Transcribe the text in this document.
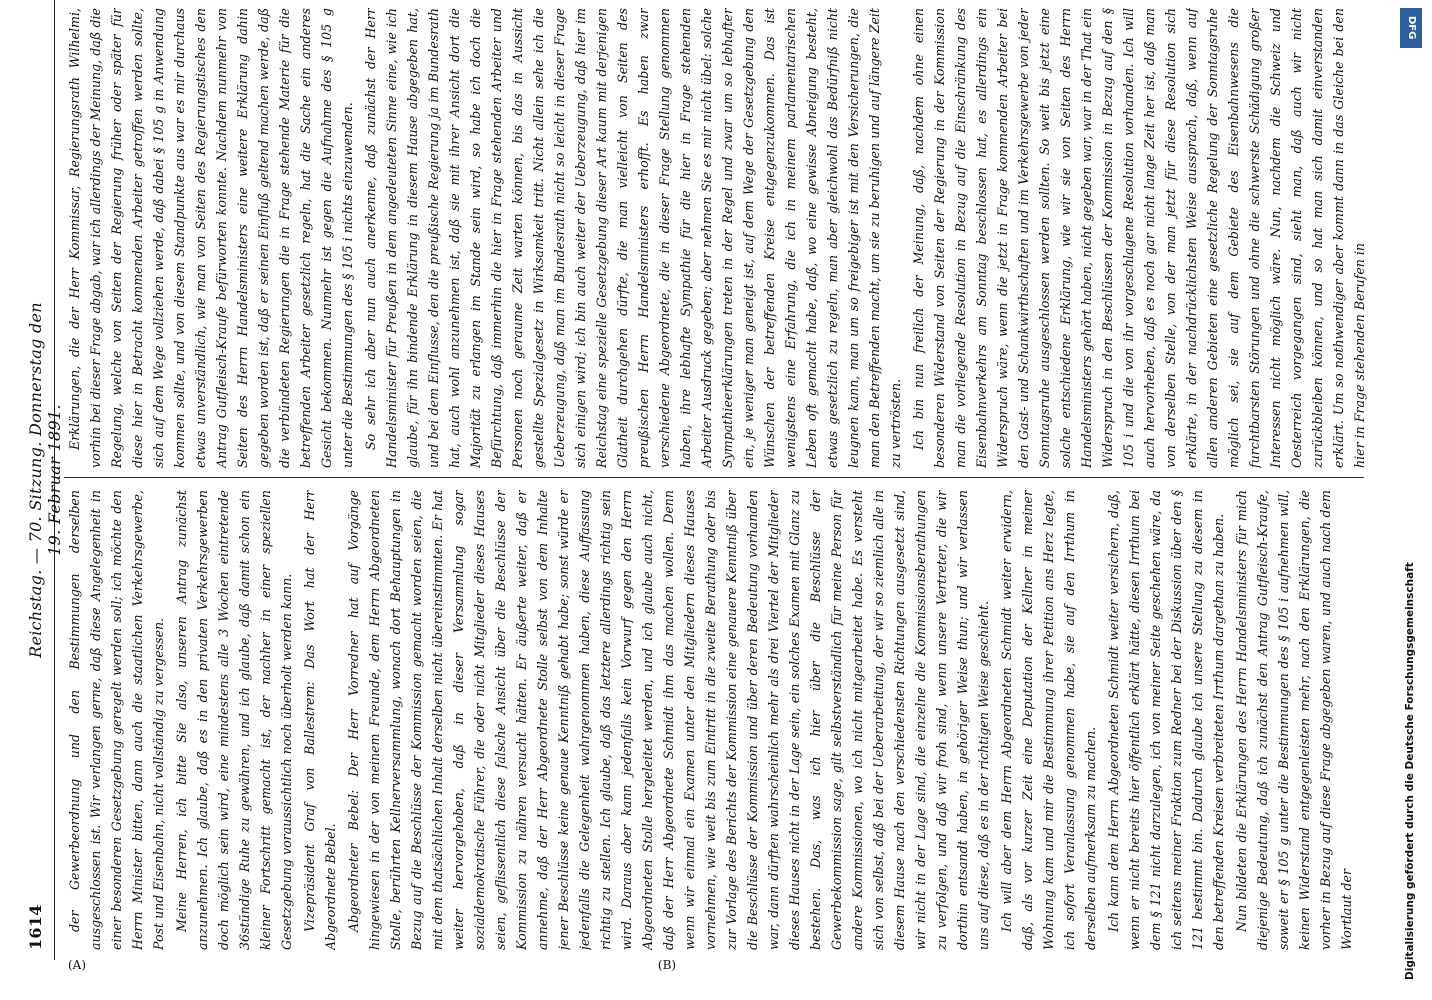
1614
Reichstag. — 70. Sitzung. Donnerstag den 19. Februar 1891.
(A)	(B)

der Gewerbeordnung und den Bestimmungen derselben ausgeschlossen ist. Wir verlangen gerne, daß diese Angelegenheit in einer besonderen Gesetzgebung geregelt werden soll; ich möchte den Herrn Minister bitten, dann auch die staatlichen Verkehrsgewerbe, Post und Eisenbahn, nicht vollständig zu vergessen. Meine Herren, ich bitte Sie also, unseren Antrag zunächst anzunehmen. Ich glaube, daß es in den privaten Verkehrsgewerben doch möglich sein wird, eine mindestens alle 3 Wochen eintretende 36stündige Ruhe zu gewähren, und ich glaube, daß damit schon ein kleiner Fortschritt gemacht ist, der nachher in einer speziellen Gesetzgebung voraussichtlich noch überholt werden kann. Vizepräsident Graf von Ballestrem: Das Wort hat der Herr Abgeordnete Bebel. Abgeordneter Bebel: Der Herr Vorredner hat auf Vorgänge hingewiesen in der von meinem Freunde, dem Herrn Abgeordneten Stolle, berührten Kellnerversammlung, wonach dort Behauptungen in Bezug auf die Beschlüsse der Kommission gemacht worden seien, die mit dem thatsächlichen Inhalt derselben nicht übereinstimmten. Er hat weiter hervorgehoben, daß in dieser Versammlung sogar sozialdemokratische Führer, die oder nicht Mitglieder dieses Hauses seien, geflissentlich diese falsche Ansicht über die Beschlüsse der Kommission zu nähren versucht hätten. Er äußerte weiter, daß er annehme, daß der Herr Abgeordnete Stolle selbst von dem Inhalte jener Beschlüsse keine genaue Kenntniß gehabt habe; sonst würde er jedenfalls die Gelegenheit wahrgenommen haben, diese Auffassung richtig zu stellen. Ich glaube, daß das letztere allerdings richtig sein wird. Daraus aber kann jedenfalls kein Vorwurf gegen den Herrn Abgeordneten Stolle hergeleitet werden, und ich glaube auch nicht, daß der Herr Abgeordnete Schmidt ihm das machen wollen. Denn wenn wir einmal ein Examen unter den Mitgliedern dieses Hauses vornehmen, wie weit bis zum Eintritt in die zweite Berathung oder bis zur Vorlage des Berichts der Kommission eine genauere Kenntniß über die Beschlüsse der Kommission und über deren Bedeutung vorhanden war, dann dürften wahrscheinlich mehr als drei Viertel der Mitglieder dieses Hauses nicht in der Lage sein, ein solches Examen mit Glanz zu bestehen. Das, was ich hier über die Beschlüsse der Gewerbekommission sage, gilt selbstverständlich für meine Person für andere Kommissionen, wo ich nicht mitgearbeitet habe. Es versteht sich von selbst, daß bei der Ueberarbeitung, der wir so ziemlich alle in diesem Hause nach den verschiedensten Richtungen ausgesetzt sind, wir nicht in der Lage sind, die einzelne die Kommissionsberathungen zu verfolgen, und daß wir froh sind, wenn unsere Vertreter, die wir dorthin entsandt haben, in gehöriger Weise thun; und wir verlassen uns auf diese, daß es in der richtigen Weise geschieht. Ich will aber dem Herrn Abgeordneten Schmidt weiter erwidern, daß, als vor kurzer Zeit eine Deputation der Kellner in meiner Wohnung kam und mir die Bestimmung ihrer Petition ans Herz legte, ich sofort Veranlassung genommen habe, sie auf den Irrthum in derselben aufmerksam zu machen. Ich kann dem Herrn Abgeordneten Schmidt weiter versichern, daß, wenn er nicht bereits hier öffentlich erklärt hätte, diesen Irrthum bei dem § 121 nicht darzulegen, ich von meiner Seite geschehen wäre, da ich seitens meiner Fraktion zum Redner bei der Diskussion über den § 121 bestimmt bin. Dadurch glaube ich unsere Stellung zu diesem in den betreffenden Kreisen verbreiteten Irrthum dargethan zu haben. Nun bildeten die Erklärungen des Herrn Handelsministers für mich diejenige Bedeutung, daß ich zunächst den Antrag Gutfleisch-Kraufe, soweit er § 105 g unter die Bestimmungen des § 105 i aufnehmen will, keinen Widerstand entgegenleisten mehr, nach den Erklärungen, die vorher in Bezug auf diese Frage abgegeben waren, und auch nach dem Wortlaut der

Erklärungen, die der Herr Kommissar, Regierungsrath Wilhelmi, vorhin bei dieser Frage abgab, war ich allerdings der Meinung, daß die Regelung, welche von Seiten der Regierung früher oder später für diese hier in Betracht kommenden Arbeiter getroffen werden sollte, sich auf dem Wege vollziehen werde, daß dabei § 105 g in Anwendung kommen sollte, und von diesem Standpunkte aus war es mir durchaus etwas unverständlich, wie man von Seiten des Regierungstisches den Antrag Gutfleisch-Kraufe befürworten konnte. Nachdem nunmehr von Seiten des Herrn Handelsministers eine weitere Erklärung dahin gegeben worden ist, daß er seinen Einfluß geltend machen werde, daß die verbündeten Regierungen die in Frage stehende Materie für die betreffenden Arbeiter gesetzlich regeln, hat die Sache ein anderes Gesicht bekommen. Nunmehr ist gegen die Aufnahme des § 105 g unter die Bestimmungen des § 105 i nichts einzuwenden. So sehr ich aber nun auch anerkenne, daß zunächst der Herr Handelsminister für Preußen in dem angedeuteten Sinne eine, wie ich glaube, für ihn bindende Erklärung in diesem Hause abgegeben hat, und bei dem Einflusse, den die preußische Regierung ja im Bundesrath hat, auch wohl anzunehmen ist, daß sie mit ihrer Ansicht dort die Majorität zu erlangen im Stande sein wird, so habe ich doch die Befürchtung, daß immerhin die hier in Frage stehenden Arbeiter und Personen noch geraume Zeit warten können, bis das in Aussicht gestellte Spezialgesetz in Wirksamkeit tritt. Nicht allein sehe ich die Ueberzeugung, daß man im Bundesrath nicht so leicht in dieser Frage sich einigen wird; ich bin auch weiter der Ueberzeugung, daß hier im Reichstag eine spezielle Gesetzgebung dieser Art kaum mit derjenigen Glatheit durchgehen dürfte, die man vielleicht von Seiten des preußischen Herrn Handelsministers erhofft. Es haben zwar verschiedene Abgeordnete, die in dieser Frage Stellung genommen haben, ihre lebhafte Sympathie für die hier in Frage stehenden Arbeiter Ausdruck gegeben; aber nehmen Sie es mir nicht übel: solche Sympathieerklärungen treten in der Regel und zwar um so lebhafter ein, je weniger man geneigt ist, auf dem Wege der Gesetzgebung den Wünschen der betreffenden Kreise entgegenzukommen. Das ist wenigstens eine Erfahrung, die ich in meinem parlamentarischen Leben oft gemacht habe, daß, wo eine gewisse Abneigung besteht, etwas gesetzlich zu regeln, man aber gleichwohl das Bedürfniß nicht leugnen kann, man um so freigebiger ist mit den Versicherungen, die man den Betreffenden macht, um sie zu beruhigen und auf längere Zeit zu vertrösten. Ich bin nun freilich der Meinung, daß, nachdem ohne einen besonderen Widerstand von Seiten der Regierung in der Kommission man die vorliegende Resolution in Bezug auf die Einschränkung des Eisenbahnverkehrs am Sonntag beschlossen hat, es allerdings ein Widerspruch wäre, wenn die jetzt in Frage kommenden Arbeiter bei den Gast- und Schankwirthschaften und im Verkehrsgewerbe von jeder Sonntagsruhe ausgeschlossen werden sollten. So weit bis jetzt eine solche entschiedene Erklärung, wie wir sie von Seiten des Herrn Handelsministers gehört haben, nicht gegeben war, war in der That ein Widerspruch in den Beschlüssen der Kommission in Bezug auf den § 105 i und die von ihr vorgeschlagene Resolution vorhanden. Ich will auch hervorheben, daß es noch gar nicht lange Zeit her ist, daß man von derselben Stelle, von der man jetzt für diese Resolution sich erklärte, in der nachdrücklichsten Weise aussprach, daß, wenn auf allen anderen Gebieten eine gesetzliche Regelung der Sonntagsruhe möglich sei, sie auf dem Gebiete des Eisenbahnwesens die furchtbarsten Störungen und ohne die schwerste Schädigung großer Interessen nicht möglich wäre. Nun, nachdem die Schweiz und Oesterreich vorgegangen sind, sieht man, daß auch wir nicht zurückbleiben können, und so hat man sich damit einverstanden erklärt. Um so nothwendiger aber kommt dann in das Gleiche bei den hier in Frage stehenden Berufen in

Digitalisierung gefördert durch die Deutsche Forschungsgemeinschaft
DFG
